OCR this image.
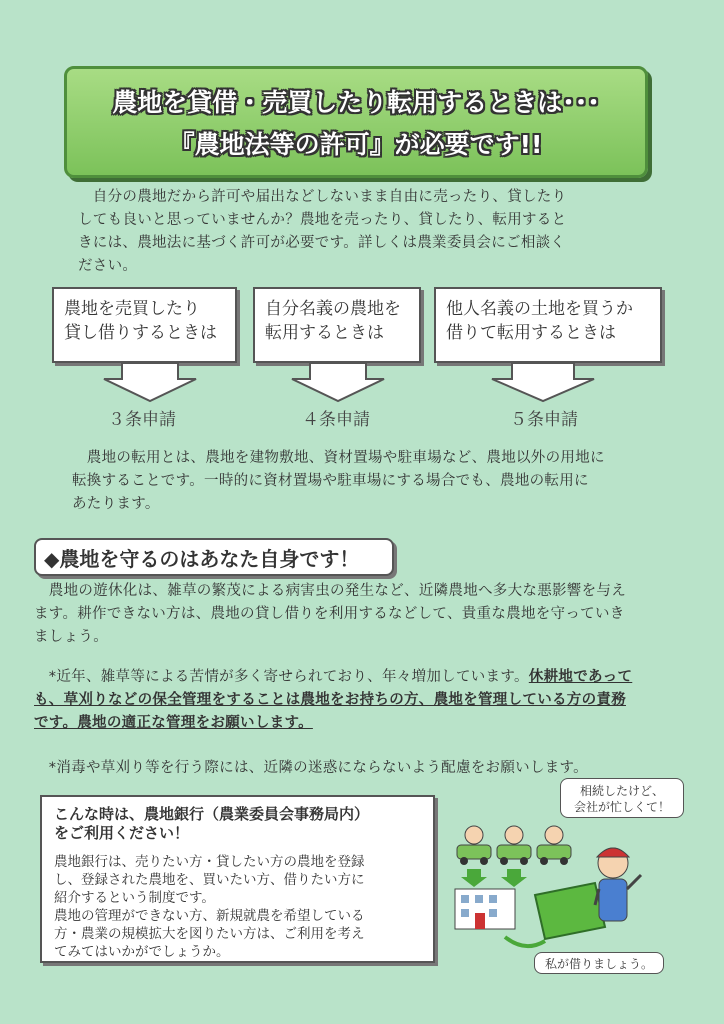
農地を貸借・売買したり転用するときは･･･
『農地法等の許可』が必要です!!
　自分の農地だから許可や届出などしないまま自由に売ったり、貸したり
しても良いと思っていませんか？農地を売ったり、貸したり、転用すると
きには、農地法に基づく許可が必要です。詳しくは農業委員会にご相談く
ださい。
農地を売買したり
貸し借りするときは
自分名義の農地を
転用するときは
他人名義の土地を買うか
借りて転用するときは
３条申請	４条申請	５条申請
　農地の転用とは、農地を建物敷地、資材置場や駐車場など、農地以外の用地に
転換することです。一時的に資材置場や駐車場にする場合でも、農地の転用に
あたります。
◆農地を守るのはあなた自身です！
　農地の遊休化は、雑草の繁茂による病害虫の発生など、近隣農地へ多大な悪影響を与え
ます。耕作できない方は、農地の貸し借りを利用するなどして、貴重な農地を守っていき
ましょう。
　*近年、雑草等による苦情が多く寄せられており、年々増加しています。休耕地であって
も、草刈りなどの保全管理をすることは農地をお持ちの方、農地を管理している方の責務
です。農地の適正な管理をお願いします。
　*消毒や草刈り等を行う際には、近隣の迷惑にならないよう配慮をお願いします。
こんな時は、農地銀行（農業委員会事務局内）
をご利用ください！
農地銀行は、売りたい方・貸したい方の農地を登録
し、登録された農地を、買いたい方、借りたい方に
紹介するという制度です。
農地の管理ができない方、新規就農を希望している
方・農業の規模拡大を図りたい方は、ご利用を考え
てみてはいかがでしょうか。
相続したけど、
会社が忙しくて！
私が借りましょう。
